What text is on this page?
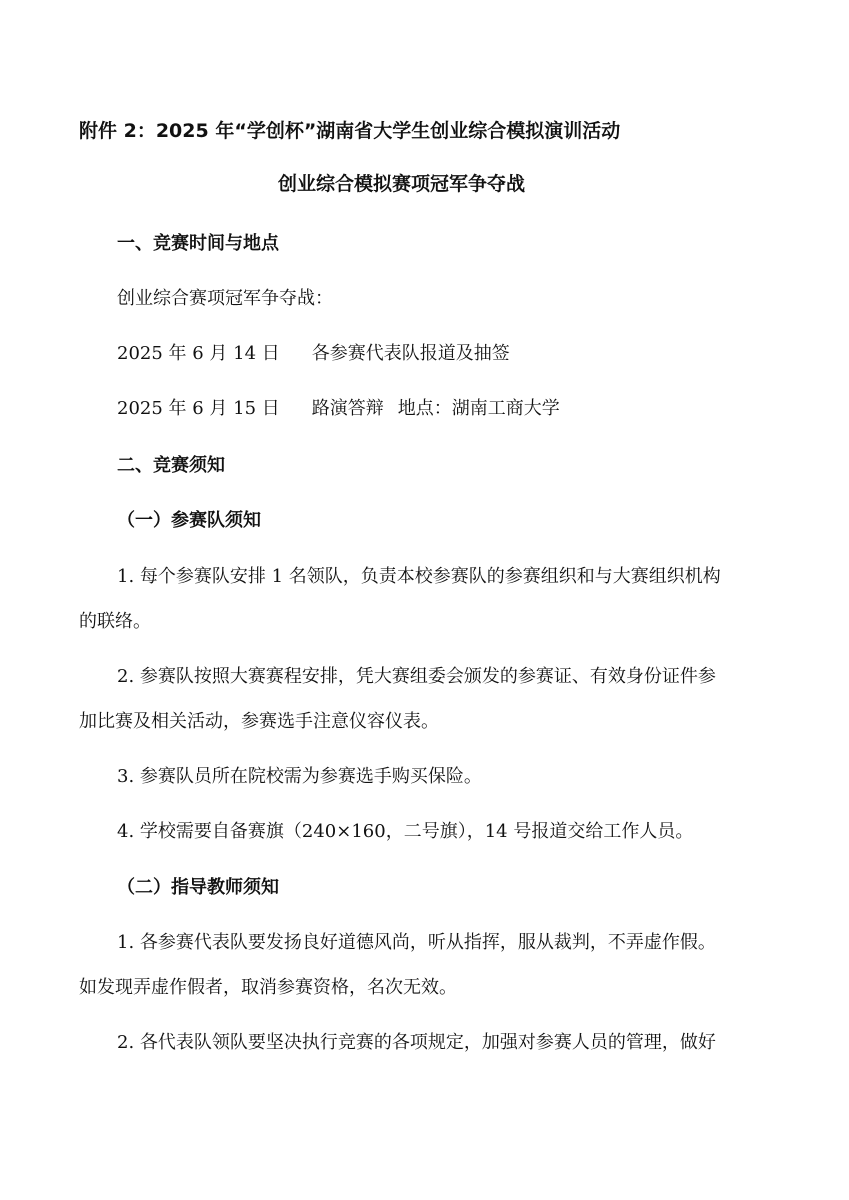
附件 2：2025 年“学创杯”湖南省大学生创业综合模拟演训活动
创业综合模拟赛项冠军争夺战
一、竞赛时间与地点
创业综合赛项冠军争夺战：
2025 年 6 月 14 日 各参赛代表队报道及抽签
2025 年 6 月 15 日 路演答辩 地点：湖南工商大学
二、竞赛须知
（一）参赛队须知
1. 每个参赛队安排 1 名领队，负责本校参赛队的参赛组织和与大赛组织机构
的联络。
2. 参赛队按照大赛赛程安排，凭大赛组委会颁发的参赛证、有效身份证件参
加比赛及相关活动，参赛选手注意仪容仪表。
3. 参赛队员所在院校需为参赛选手购买保险。
4. 学校需要自备赛旗（240×160，二号旗），14 号报道交给工作人员。
（二）指导教师须知
1. 各参赛代表队要发扬良好道德风尚，听从指挥，服从裁判，不弄虚作假。
如发现弄虚作假者，取消参赛资格，名次无效。
2. 各代表队领队要坚决执行竞赛的各项规定，加强对参赛人员的管理，做好
